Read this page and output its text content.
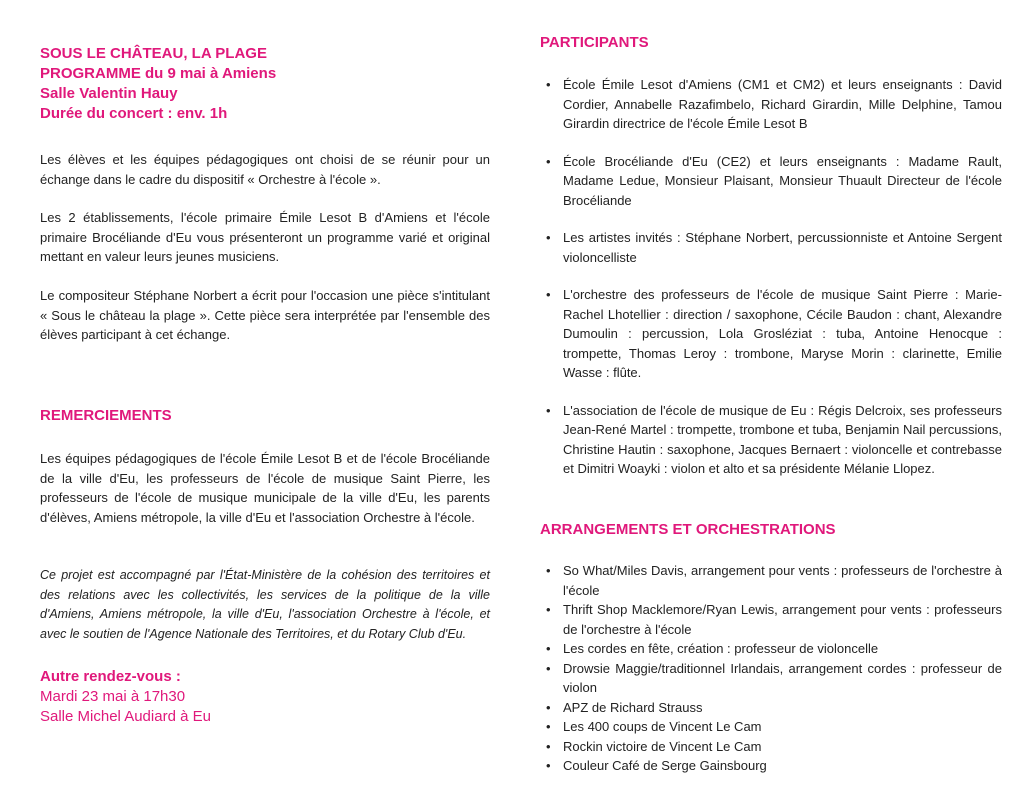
SOUS LE CHÂTEAU, LA PLAGE
PROGRAMME du 9 mai à Amiens
Salle Valentin Hauy
Durée du concert : env. 1h

Les élèves et les équipes pédagogiques ont choisi de se réunir pour un échange dans le cadre du dispositif « Orchestre à l'école ».

Les 2 établissements, l'école primaire Émile Lesot B d'Amiens et l'école primaire Brocéliande d'Eu vous présenteront un programme varié et original mettant en valeur leurs jeunes musiciens.

Le compositeur Stéphane Norbert a écrit pour l'occasion une pièce s'intitulant « Sous le château la plage ». Cette pièce sera interprétée par l'ensemble des élèves participant à cet échange.

REMERCIEMENTS

Les équipes pédagogiques de l'école Émile Lesot B et de l'école Brocéliande de la ville d'Eu, les professeurs de l'école de musique Saint Pierre, les professeurs de l'école de musique municipale de la ville d'Eu, les parents d'élèves, Amiens métropole, la ville d'Eu et l'association Orchestre à l'école.

Ce projet est accompagné par l'État-Ministère de la cohésion des territoires et des relations avec les collectivités, les services de la politique de la ville d'Amiens, Amiens métropole, la ville d'Eu, l'association Orchestre à l'école, et avec le soutien de l'Agence Nationale des Territoires, et du Rotary Club d'Eu.

Autre rendez-vous :
Mardi 23 mai à 17h30
Salle Michel Audiard à Eu
PARTICIPANTS
• École Émile Lesot d'Amiens (CM1 et CM2) et leurs enseignants : David Cordier, Annabelle Razafimbelo, Richard Girardin, Mille Delphine, Tamou Girardin directrice de l'école Émile Lesot B
• École Brocéliande d'Eu (CE2) et leurs enseignants : Madame Rault, Madame Ledue, Monsieur Plaisant, Monsieur Thuault Directeur de l'école Brocéliande
• Les artistes invités : Stéphane Norbert, percussionniste et Antoine Sergent violoncelliste
• L'orchestre des professeurs de l'école de musique Saint Pierre : Marie-Rachel Lhotellier : direction / saxophone, Cécile Baudon : chant, Alexandre Dumoulin : percussion, Lola Grosléziat : tuba, Antoine Henocque : trompette, Thomas Leroy : trombone, Maryse Morin : clarinette, Emilie Wasse : flûte.
• L'association de l'école de musique de Eu : Régis Delcroix, ses professeurs Jean-René Martel : trompette, trombone et tuba, Benjamin Nail percussions, Christine Hautin : saxophone, Jacques Bernaert : violoncelle et contrebasse et Dimitri Woayki : violon et alto et sa présidente Mélanie Llopez.
ARRANGEMENTS ET ORCHESTRATIONS
• So What/Miles Davis, arrangement pour vents : professeurs de l'orchestre à l'école
• Thrift Shop Macklemore/Ryan Lewis, arrangement pour vents : professeurs de l'orchestre à l'école
• Les cordes en fête, création : professeur de violoncelle
• Drowsie Maggie/traditionnel Irlandais, arrangement cordes : professeur de violon
• APZ de Richard Strauss
• Les 400 coups de Vincent Le Cam
• Rockin victoire de Vincent Le Cam
• Couleur Café de Serge Gainsbourg
